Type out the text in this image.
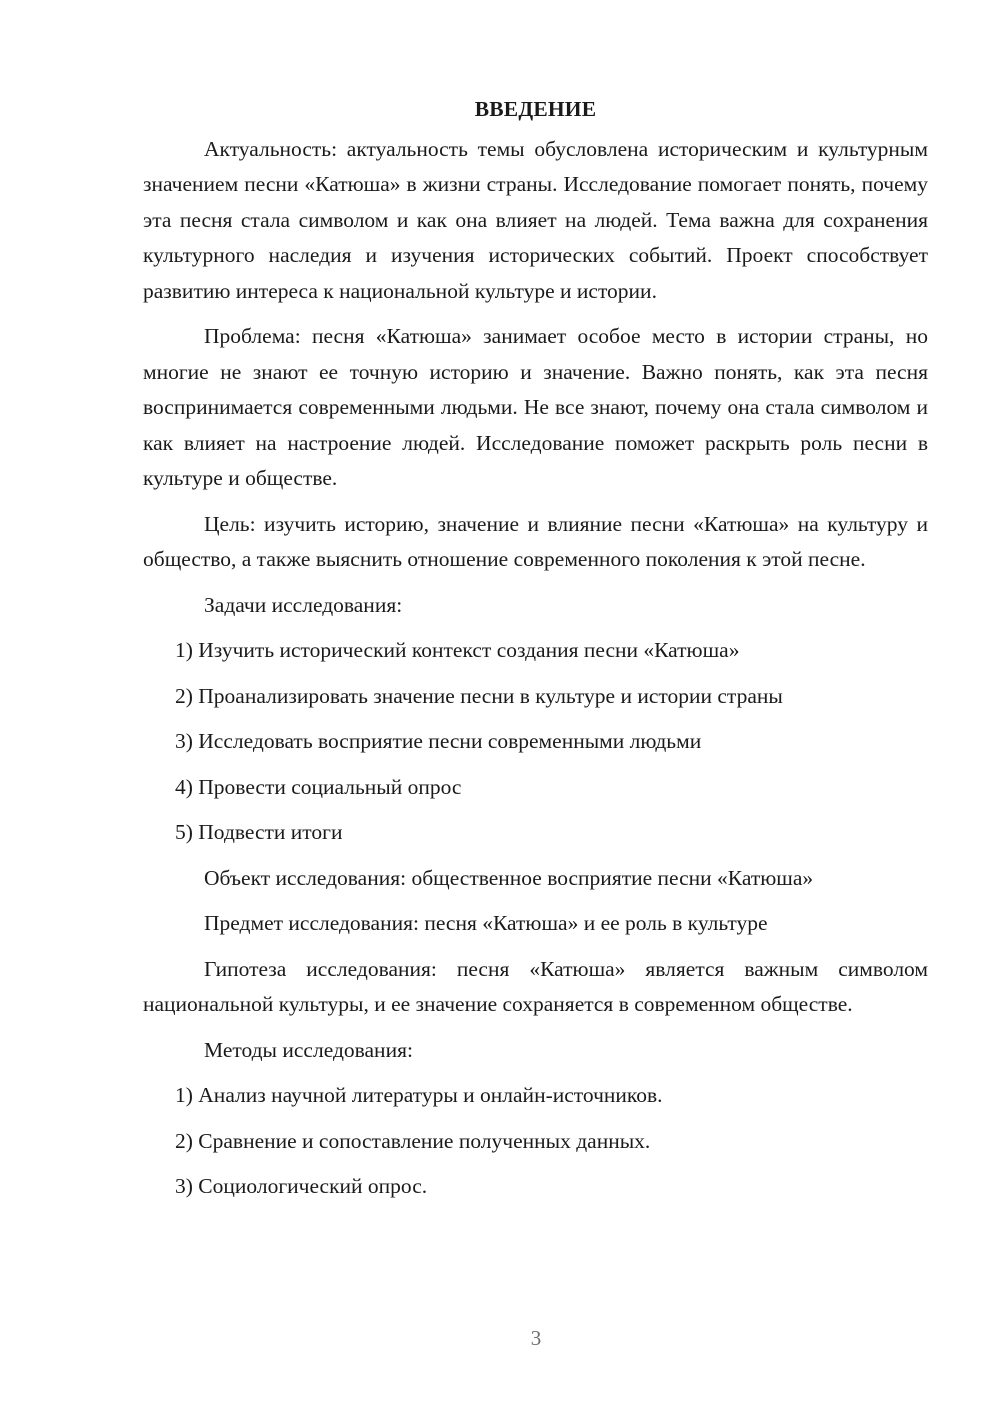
ВВЕДЕНИЕ

Актуальность: актуальность темы обусловлена историческим и культурным значением песни «Катюша» в жизни страны. Исследование помогает понять, почему эта песня стала символом и как она влияет на людей. Тема важна для сохранения культурного наследия и изучения исторических событий. Проект способствует развитию интереса к национальной культуре и истории.

Проблема: песня «Катюша» занимает особое место в истории страны, но многие не знают ее точную историю и значение. Важно понять, как эта песня воспринимается современными людьми. Не все знают, почему она стала символом и как влияет на настроение людей. Исследование поможет раскрыть роль песни в культуре и обществе.

Цель: изучить историю, значение и влияние песни «Катюша» на культуру и общество, а также выяснить отношение современного поколения к этой песне.

Задачи исследования:

1) Изучить исторический контекст создания песни «Катюша»

2) Проанализировать значение песни в культуре и истории страны

3) Исследовать восприятие песни современными людьми

4) Провести социальный опрос

5) Подвести итоги

Объект исследования: общественное восприятие песни «Катюша»

Предмет исследования: песня «Катюша» и ее роль в культуре

Гипотеза исследования: песня «Катюша» является важным символом национальной культуры, и ее значение сохраняется в современном обществе.

Методы исследования:

1) Анализ научной литературы и онлайн-источников.

2) Сравнение и сопоставление полученных данных.

3) Социологический опрос.

3
